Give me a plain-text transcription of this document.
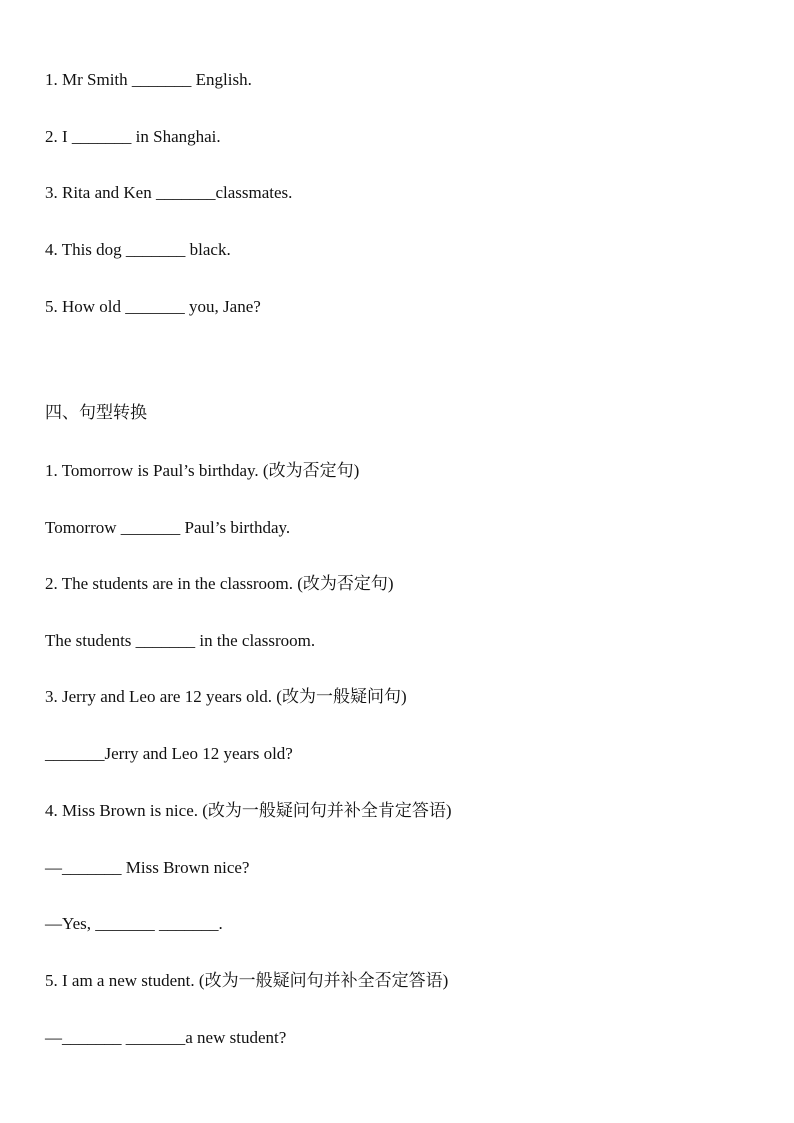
1. Mr Smith _______ English.
2. I _______ in Shanghai.
3. Rita and Ken _______classmates.
4. This dog _______ black.
5. How old _______ you, Jane?
四、句型转换
1. Tomorrow is Paul’s birthday. (改为否定句)
Tomorrow _______ Paul’s birthday.
2. The students are in the classroom. (改为否定句)
The students _______ in the classroom.
3. Jerry and Leo are 12 years old. (改为一般疑问句)
_______Jerry and Leo 12 years old?
4. Miss Brown is nice. (改为一般疑问句并补全肯定答语)
—_______ Miss Brown nice?
—Yes, _______ _______.
5. I am a new student. (改为一般疑问句并补全否定答语)
—_______ _______a new student?
